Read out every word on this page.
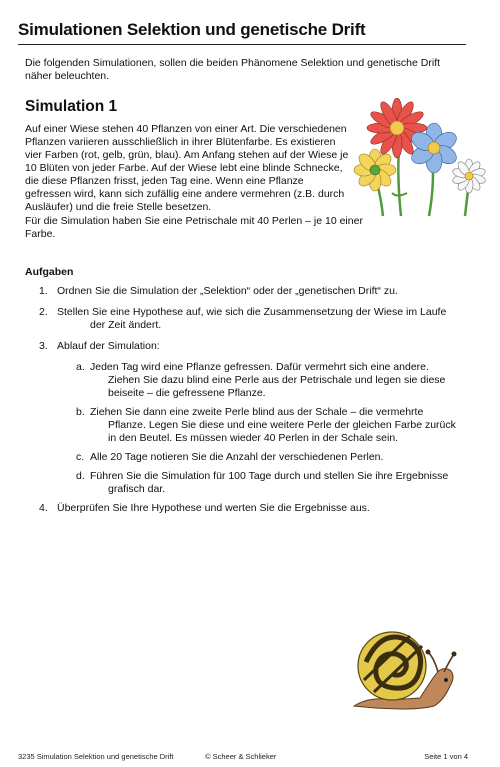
Simulationen Selektion und genetische Drift
Die folgenden Simulationen, sollen die beiden Phänomene Selektion und genetische Drift näher beleuchten.
Simulation 1
Auf einer Wiese stehen 40 Pflanzen von einer Art. Die verschiedenen Pflanzen variieren ausschließlich in ihrer Blütenfarbe. Es existieren vier Farben (rot, gelb, grün, blau). Am Anfang stehen auf der Wiese je 10 Blüten von jeder Farbe. Auf der Wiese lebt eine blinde Schnecke, die diese Pflanzen frisst, jeden Tag eine. Wenn eine Pflanze gefressen wird, kann sich zufällig eine andere vermehren (z.B. durch Ausläufer) und die freie Stelle besetzen.
Für die Simulation haben Sie eine Petrischale mit 40 Perlen – je 10 einer Farbe.
Aufgaben
1. Ordnen Sie die Simulation der „Selektion“ oder der „genetischen Drift“ zu.
2. Stellen Sie eine Hypothese auf, wie sich die Zusammensetzung der Wiese im Laufe
der Zeit ändert.
3. Ablauf der Simulation:
a. Jeden Tag wird eine Pflanze gefressen. Dafür vermehrt sich eine andere.
Ziehen Sie dazu blind eine Perle aus der Petrischale und legen sie diese beiseite – die gefressene Pflanze.
b. Ziehen Sie dann eine zweite Perle blind aus der Schale – die vermehrte
Pflanze. Legen Sie diese und eine weitere Perle der gleichen Farbe zurück in den Beutel. Es müssen wieder 40 Perlen in der Schale sein.
c. Alle 20 Tage notieren Sie die Anzahl der verschiedenen Perlen.
d. Führen Sie die Simulation für 100 Tage durch und stellen Sie ihre Ergebnisse
grafisch dar.
4. Überprüfen Sie Ihre Hypothese und werten Sie die Ergebnisse aus.
3235 Simulation Selektion und genetische Drift	© Scheer & Schlieker	Seite 1 von 4
